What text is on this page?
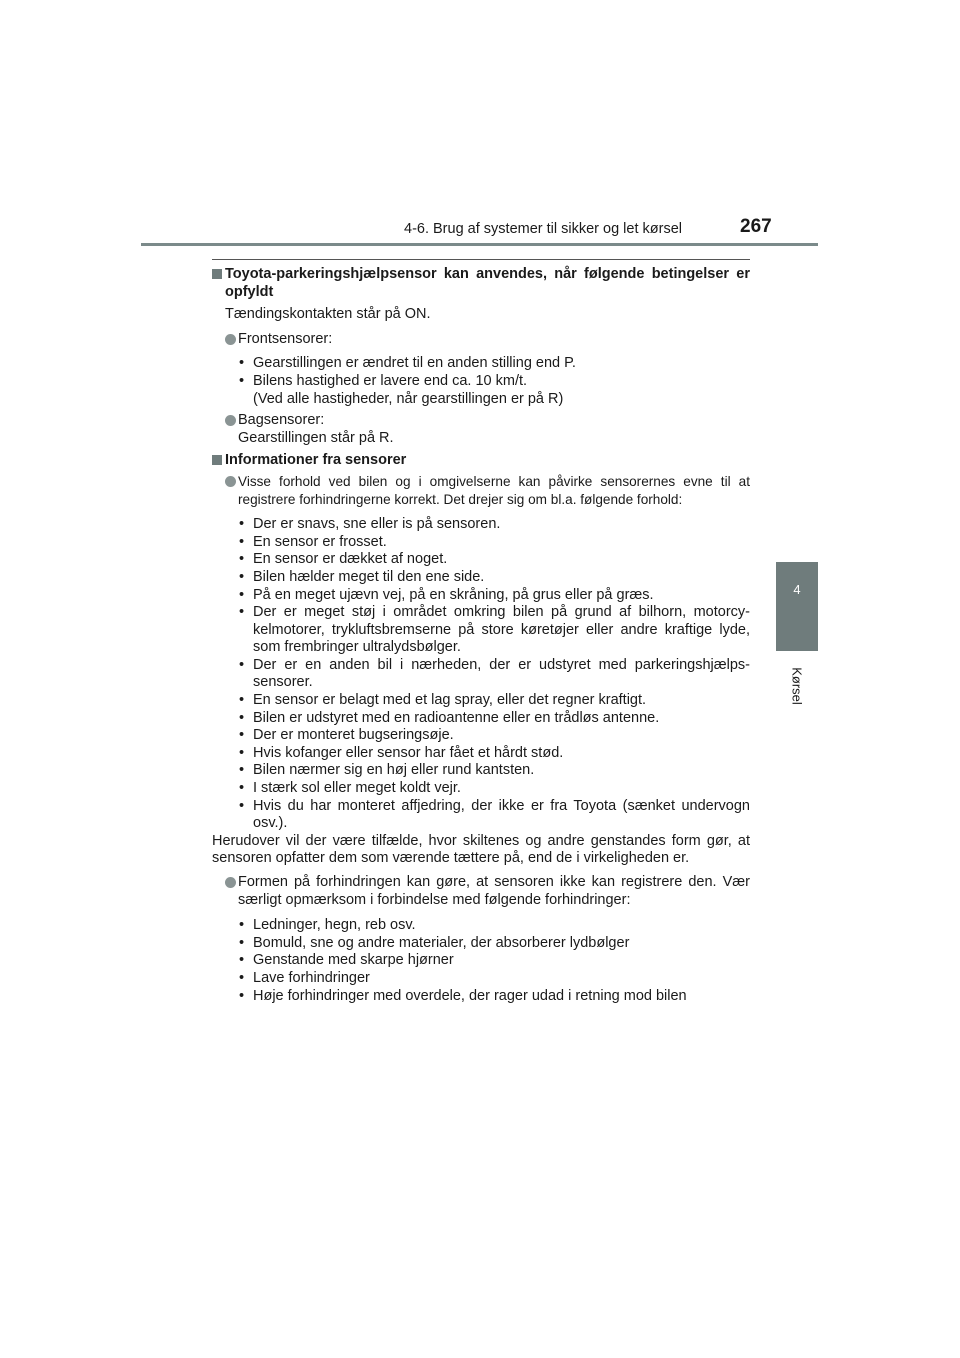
4-6. Brug af systemer til sikker og let kørsel	267
4
Kørsel
Toyota-parkeringshjælpsensor kan anvendes, når følgende betingelser er opfyldt
Tændingskontakten står på ON.
Frontsensorer:
• Gearstillingen er ændret til en anden stilling end P.
• Bilens hastighed er lavere end ca. 10 km/t.
(Ved alle hastigheder, når gearstillingen er på R)
Bagsensorer:
Gearstillingen står på R.
Informationer fra sensorer
Visse forhold ved bilen og i omgivelserne kan påvirke sensorernes evne til at registrere forhindringerne korrekt. Det drejer sig om bl.a. følgende forhold:
• Der er snavs, sne eller is på sensoren.
• En sensor er frosset.
• En sensor er dækket af noget.
• Bilen hælder meget til den ene side.
• På en meget ujævn vej, på en skråning, på grus eller på græs.
• Der er meget støj i området omkring bilen på grund af bilhorn, motorcy-kelmotorer, trykluftsbremserne på store køretøjer eller andre kraftige lyde, som frembringer ultralydsbølger.
• Der er en anden bil i nærheden, der er udstyret med parkeringshjælps-sensorer.
• En sensor er belagt med et lag spray, eller det regner kraftigt.
• Bilen er udstyret med en radioantenne eller en trådløs antenne.
• Der er monteret bugseringsøje.
• Hvis kofanger eller sensor har fået et hårdt stød.
• Bilen nærmer sig en høj eller rund kantsten.
• I stærk sol eller meget koldt vejr.
• Hvis du har monteret affjedring, der ikke er fra Toyota (sænket undervogn osv.).
Herudover vil der være tilfælde, hvor skiltenes og andre genstandes form gør, at sensoren opfatter dem som værende tættere på, end de i virkeligheden er.
Formen på forhindringen kan gøre, at sensoren ikke kan registrere den. Vær særligt opmærksom i forbindelse med følgende forhindringer:
• Ledninger, hegn, reb osv.
• Bomuld, sne og andre materialer, der absorberer lydbølger
• Genstande med skarpe hjørner
• Lave forhindringer
• Høje forhindringer med overdele, der rager udad i retning mod bilen
